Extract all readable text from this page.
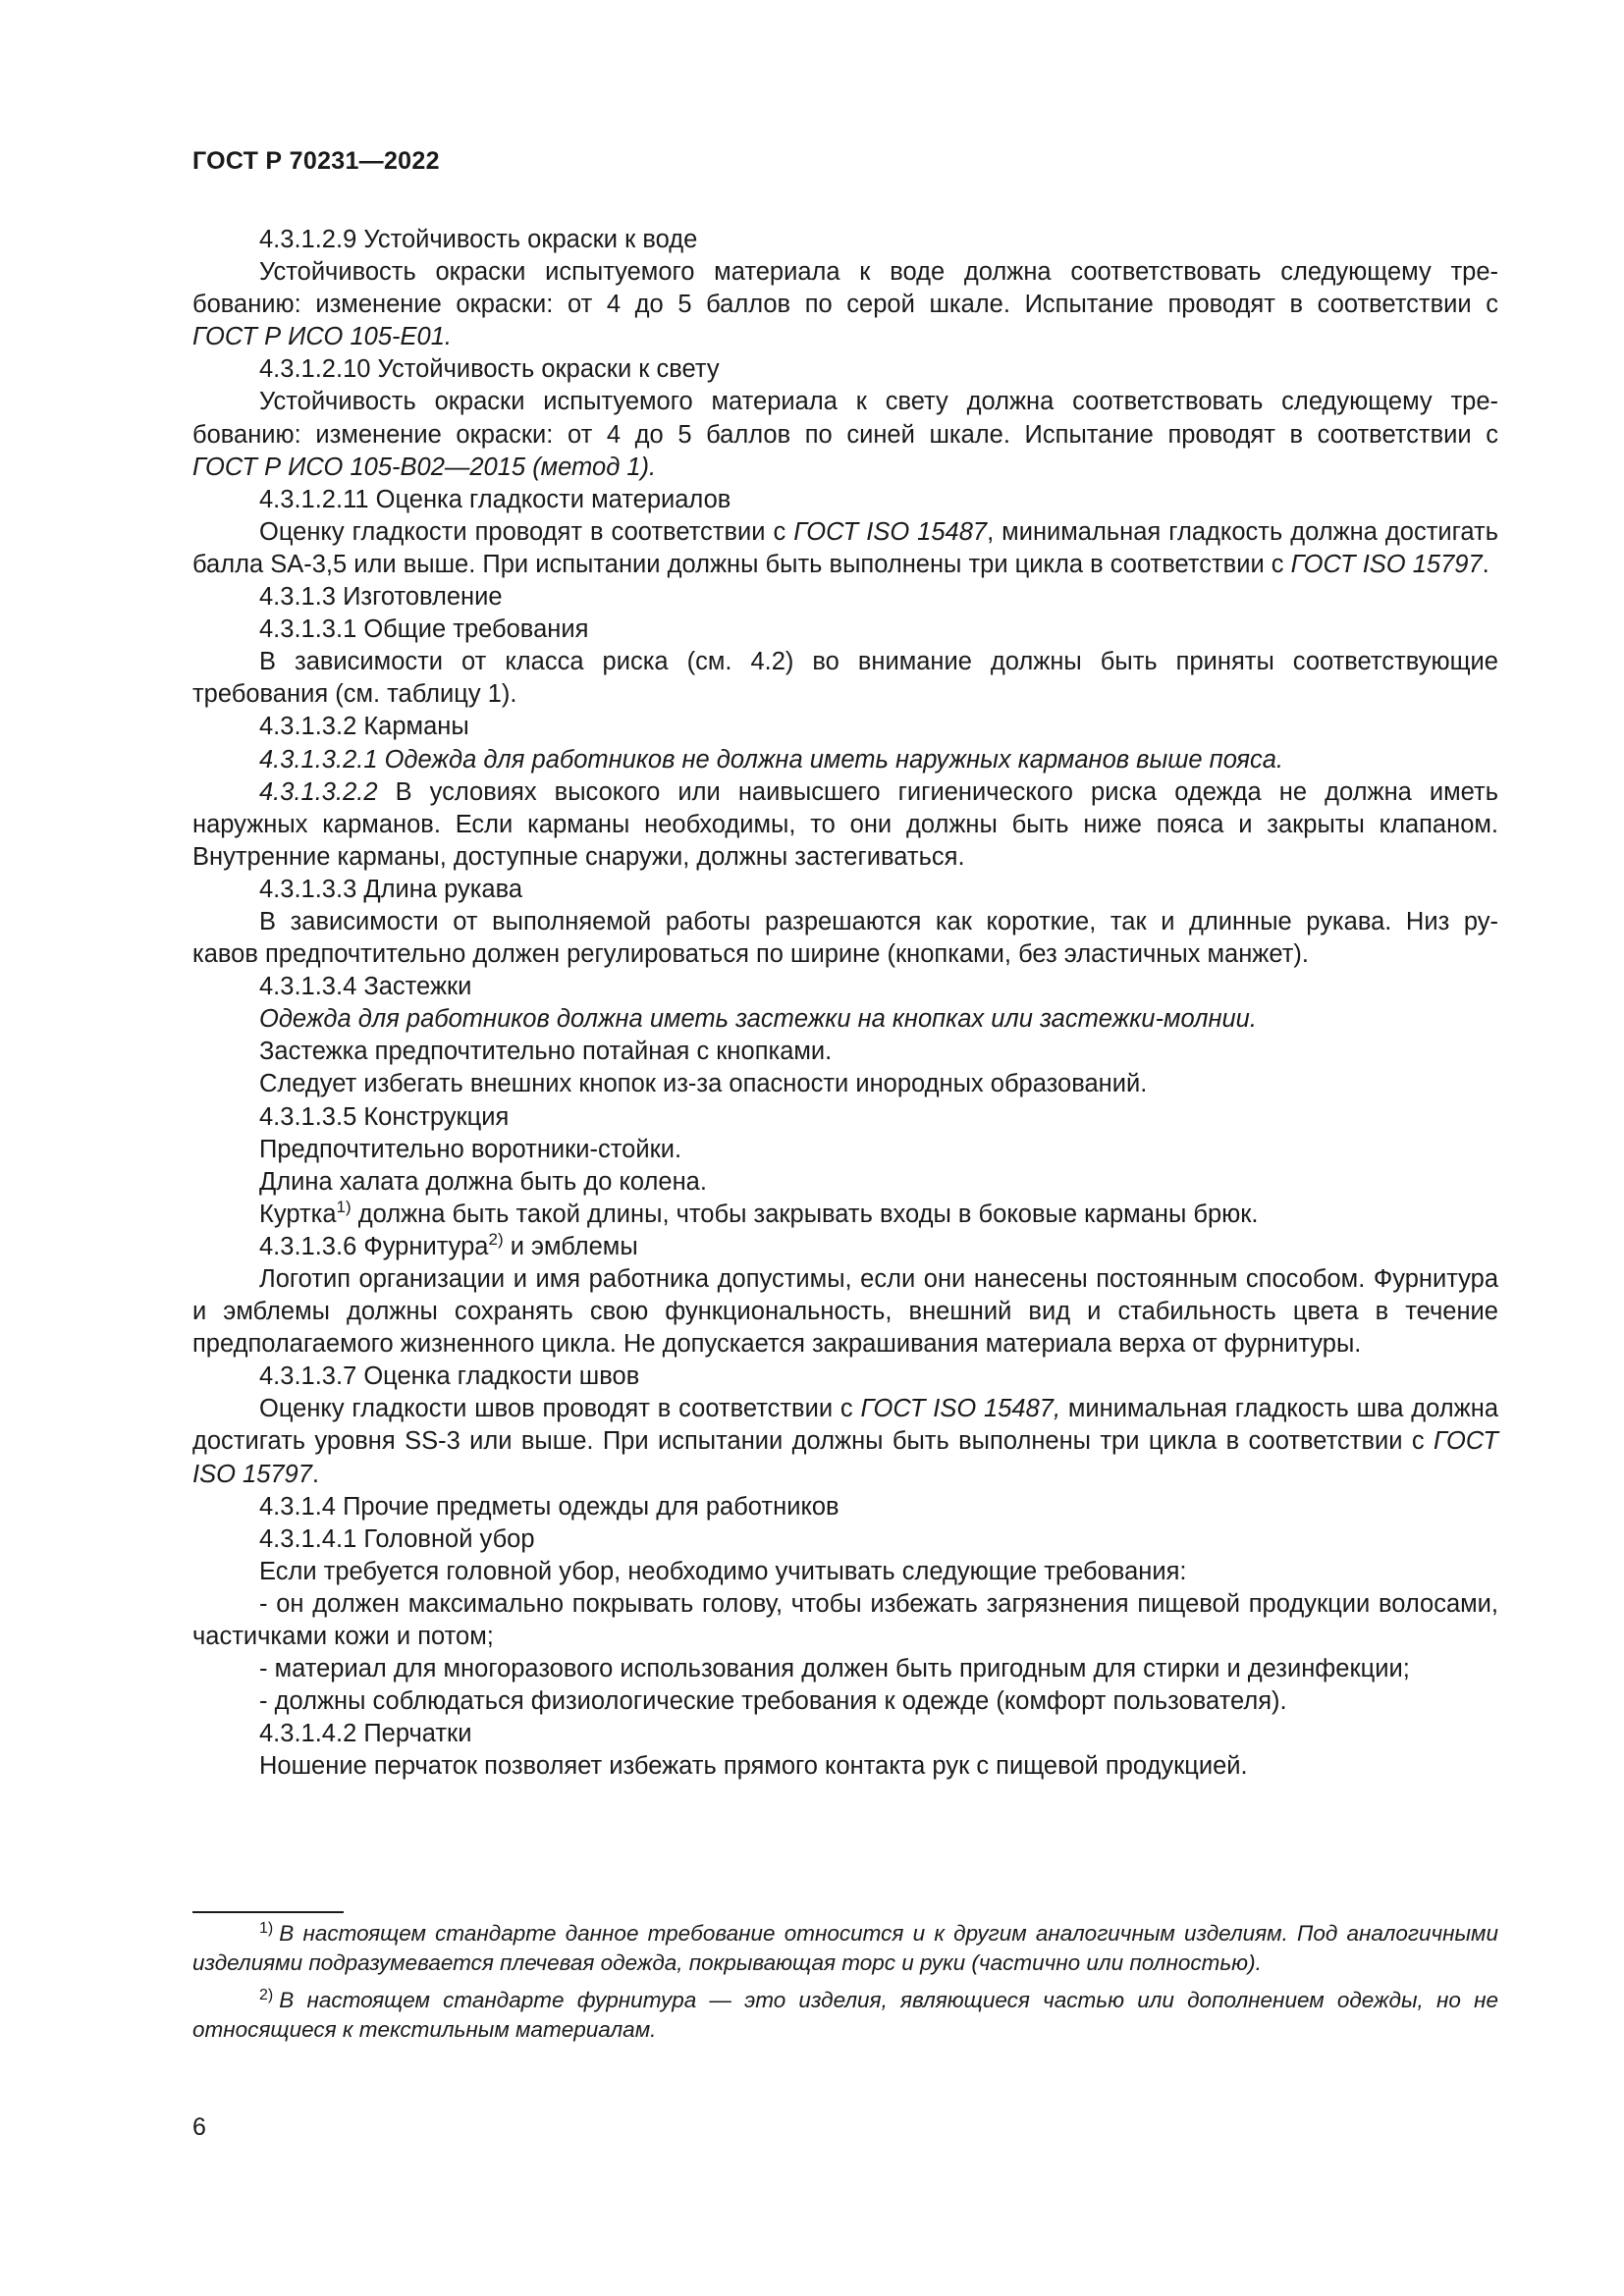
ГОСТ Р 70231—2022

4.3.1.2.9 Устойчивость окраски к воде

Устойчивость окраски испытуемого материала к воде должна соответствовать следующему тре-

бованию: изменение окраски: от 4 до 5 баллов по серой шкале. Испытание проводят в соответствии с

ГОСТ Р ИСО 105-Е01.

4.3.1.2.10 Устойчивость окраски к свету

Устойчивость окраски испытуемого материала к свету должна соответствовать следующему тре-

бованию: изменение окраски: от 4 до 5 баллов по синей шкале. Испытание проводят в соответствии с

ГОСТ Р ИСО 105-В02—2015 (метод 1).

4.3.1.2.11 Оценка гладкости материалов

Оценку гладкости проводят в соответствии с ГОСТ ISO 15487, минимальная гладкость должна достигать балла SA-3,5 или выше. При испытании должны быть выполнены три цикла в соответствии с ГОСТ ISO 15797.

4.3.1.3 Изготовление

4.3.1.3.1 Общие требования

В зависимости от класса риска (см. 4.2) во внимание должны быть приняты соответствующие требования (см. таблицу 1).

4.3.1.3.2 Карманы

4.3.1.3.2.1 Одежда для работников не должна иметь наружных карманов выше пояса.

4.3.1.3.2.2 В условиях высокого или наивысшего гигиенического риска одежда не должна иметь наружных карманов. Если карманы необходимы, то они должны быть ниже пояса и закрыты клапаном. Внутренние карманы, доступные снаружи, должны застегиваться.

4.3.1.3.3 Длина рукава

В зависимости от выполняемой работы разрешаются как короткие, так и длинные рукава. Низ ру-

кавов предпочтительно должен регулироваться по ширине (кнопками, без эластичных манжет).

4.3.1.3.4 Застежки

Одежда для работников должна иметь застежки на кнопках или застежки-молнии.

Застежка предпочтительно потайная с кнопками.

Следует избегать внешних кнопок из-за опасности инородных образований.

4.3.1.3.5 Конструкция

Предпочтительно воротники-стойки.

Длина халата должна быть до колена.

Куртка$^{1)}$ должна быть такой длины, чтобы закрывать входы в боковые карманы брюк.

4.3.1.3.6 Фурнитура$^{2)}$ и эмблемы

Логотип организации и имя работника допустимы, если они нанесены постоянным способом. Фурнитура и эмблемы должны сохранять свою функциональность, внешний вид и стабильность цвета в течение предполагаемого жизненного цикла. Не допускается закрашивания материала верха от фурнитуры.

4.3.1.3.7 Оценка гладкости швов

Оценку гладкости швов проводят в соответствии с ГОСТ ISO 15487, минимальная гладкость шва должна достигать уровня SS-3 или выше. При испытании должны быть выполнены три цикла в соответствии с ГОСТ ISO 15797.

4.3.1.4 Прочие предметы одежды для работников

4.3.1.4.1 Головной убор

Если требуется головной убор, необходимо учитывать следующие требования:

- он должен максимально покрывать голову, чтобы избежать загрязнения пищевой продукции волосами, частичками кожи и потом;

- материал для многоразового использования должен быть пригодным для стирки и дезинфекции;

- должны соблюдаться физиологические требования к одежде (комфорт пользователя).

4.3.1.4.2 Перчатки

Ношение перчаток позволяет избежать прямого контакта рук с пищевой продукцией.

$^{1)}$ В настоящем стандарте данное требование относится и к другим аналогичным изделиям. Под аналогичными изделиями подразумевается плечевая одежда, покрывающая торс и руки (частично или полностью).

$^{2)}$ В настоящем стандарте фурнитура — это изделия, являющиеся частью или дополнением одежды, но не относящиеся к текстильным материалам.

6
